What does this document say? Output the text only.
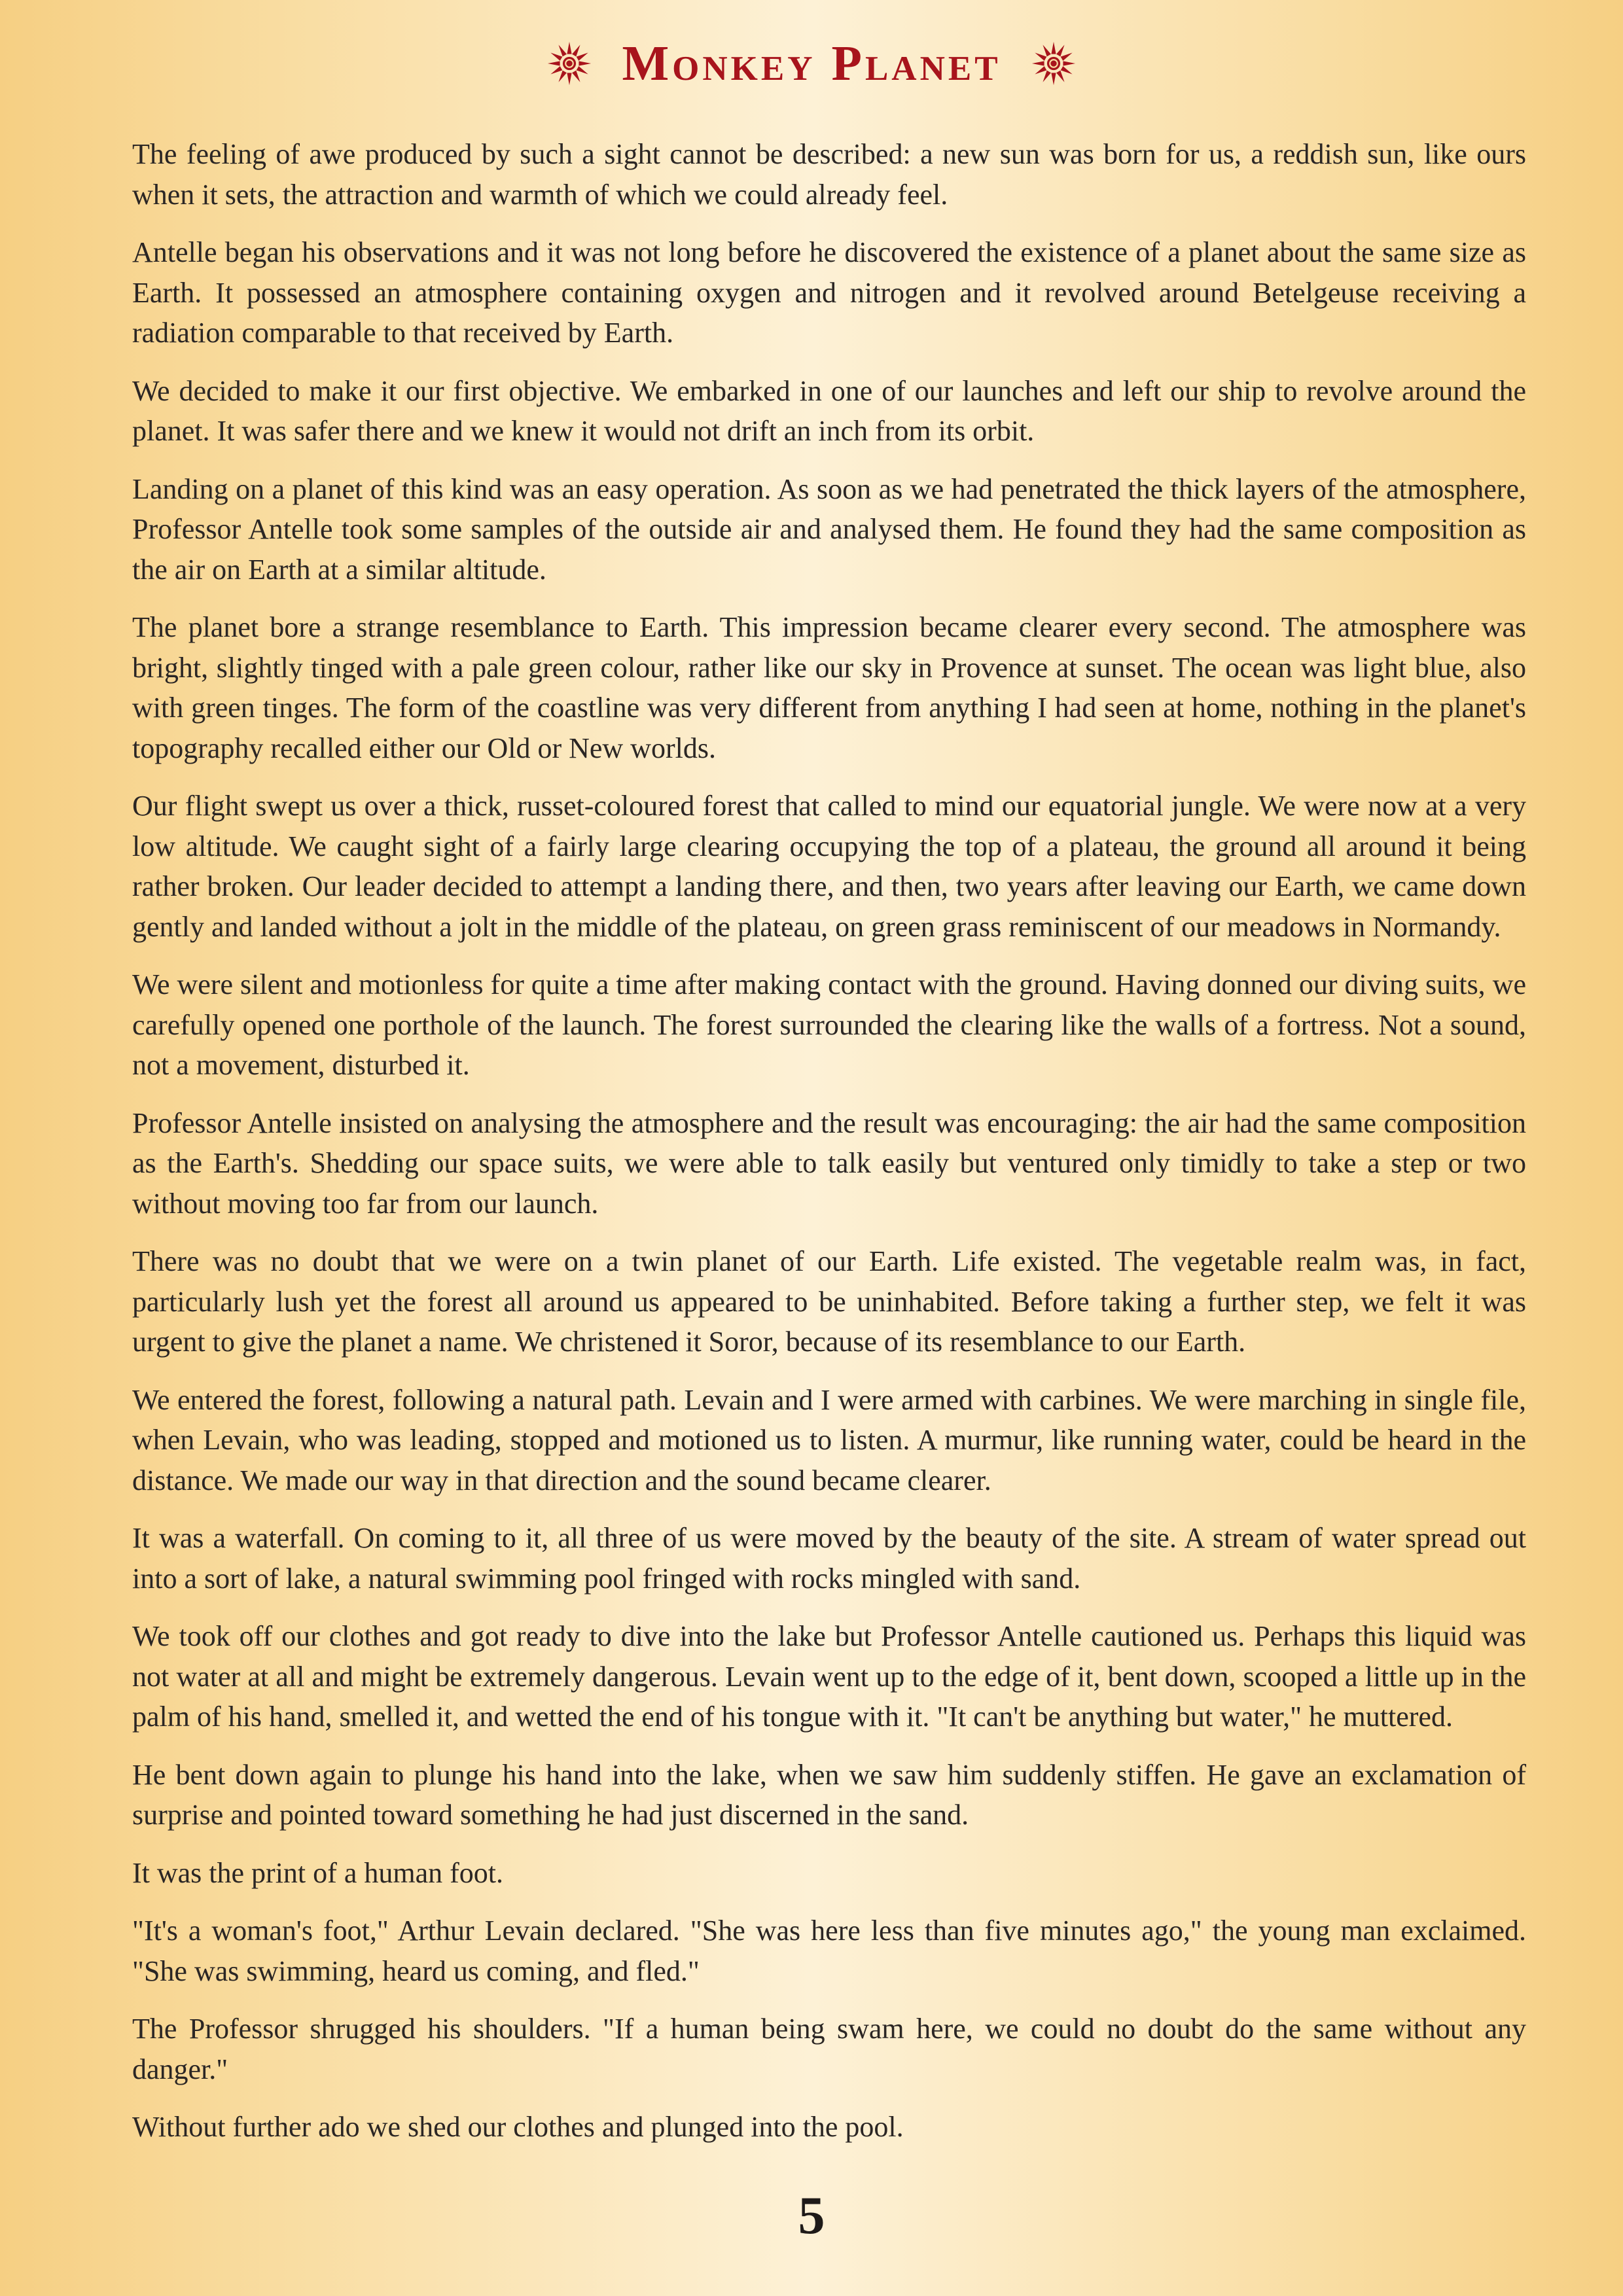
Monkey Planet

The feeling of awe produced by such a sight cannot be described: a new sun was born for us, a reddish sun, like ours when it sets, the attraction and warmth of which we could already feel.

Antelle began his observations and it was not long before he discovered the existence of a planet about the same size as Earth. It possessed an atmosphere containing oxygen and nitrogen and it revolved around Betelgeuse receiving a radiation comparable to that received by Earth.

We decided to make it our first objective. We embarked in one of our launches and left our ship to revolve around the planet. It was safer there and we knew it would not drift an inch from its orbit.

Landing on a planet of this kind was an easy operation. As soon as we had penetrated the thick layers of the atmosphere, Professor Antelle took some samples of the outside air and analysed them. He found they had the same composition as the air on Earth at a similar altitude.

The planet bore a strange resemblance to Earth. This impression became clearer every second. The atmosphere was bright, slightly tinged with a pale green colour, rather like our sky in Provence at sunset. The ocean was light blue, also with green tinges. The form of the coastline was very different from anything I had seen at home, nothing in the planet's topography recalled either our Old or New worlds.

Our flight swept us over a thick, russet-coloured forest that called to mind our equatorial jungle. We were now at a very low altitude. We caught sight of a fairly large clearing occupying the top of a plateau, the ground all around it being rather broken. Our leader decided to attempt a landing there, and then, two years after leaving our Earth, we came down gently and landed without a jolt in the middle of the plateau, on green grass reminiscent of our meadows in Normandy.

We were silent and motionless for quite a time after making contact with the ground. Having donned our diving suits, we carefully opened one porthole of the launch. The forest surrounded the clearing like the walls of a fortress. Not a sound, not a movement, disturbed it.

Professor Antelle insisted on analysing the atmosphere and the result was encouraging: the air had the same composition as the Earth's. Shedding our space suits, we were able to talk easily but ventured only timidly to take a step or two without moving too far from our launch.

There was no doubt that we were on a twin planet of our Earth. Life existed. The vegetable realm was, in fact, particularly lush yet the forest all around us appeared to be uninhabited. Before taking a further step, we felt it was urgent to give the planet a name. We christened it Soror, because of its resemblance to our Earth.

We entered the forest, following a natural path. Levain and I were armed with carbines. We were marching in single file, when Levain, who was leading, stopped and motioned us to listen. A murmur, like running water, could be heard in the distance. We made our way in that direction and the sound became clearer.

It was a waterfall. On coming to it, all three of us were moved by the beauty of the site. A stream of water spread out into a sort of lake, a natural swimming pool fringed with rocks mingled with sand.

We took off our clothes and got ready to dive into the lake but Professor Antelle cautioned us. Perhaps this liquid was not water at all and might be extremely dangerous. Levain went up to the edge of it, bent down, scooped a little up in the palm of his hand, smelled it, and wetted the end of his tongue with it. "It can't be anything but water," he muttered.

He bent down again to plunge his hand into the lake, when we saw him suddenly stiffen. He gave an exclamation of surprise and pointed toward something he had just discerned in the sand.

It was the print of a human foot.

"It's a woman's foot," Arthur Levain declared. "She was here less than five minutes ago," the young man exclaimed. "She was swimming, heard us coming, and fled."

The Professor shrugged his shoulders. "If a human being swam here, we could no doubt do the same without any danger."

Without further ado we shed our clothes and plunged into the pool.

5
